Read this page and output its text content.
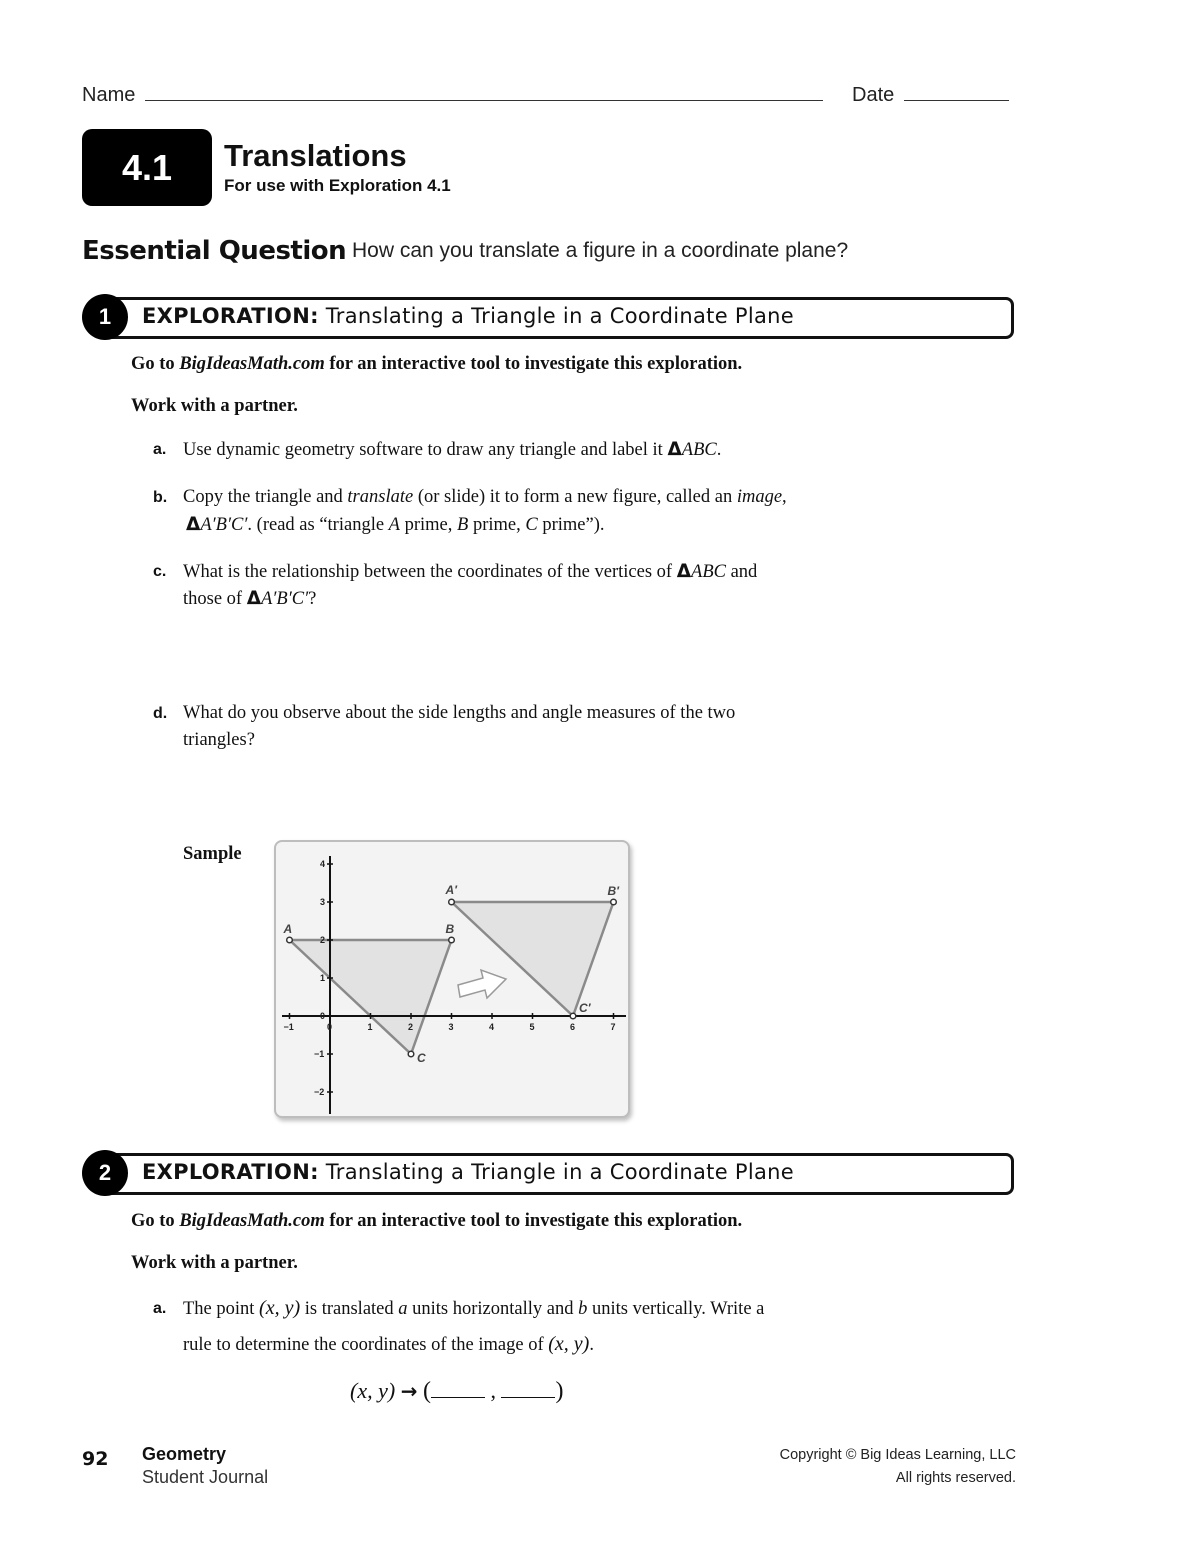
Name	Date
4.1 Translations
For use with Exploration 4.1
Essential Question How can you translate a figure in a coordinate plane?
1 EXPLORATION: Translating a Triangle in a Coordinate Plane
Go to BigIdeasMath.com for an interactive tool to investigate this exploration.
Work with a partner.
a. Use dynamic geometry software to draw any triangle and label it ΔABC.
b. Copy the triangle and translate (or slide) it to form a new figure, called an image,
ΔA′B′C′. (read as “triangle A prime, B prime, C prime”).
c. What is the relationship between the coordinates of the vertices of ΔABC and
those of ΔA′B′C′?
d. What do you observe about the side lengths and angle measures of the two
triangles?
Sample
−1	0	1	2	3	4	5	6	7
−2
−1
0
1
2
3
4
A	B
C
A′	B′
C′
2 EXPLORATION: Translating a Triangle in a Coordinate Plane
Go to BigIdeasMath.com for an interactive tool to investigate this exploration.
Work with a partner.
a. The point (x, y) is translated a units horizontally and b units vertically. Write a
rule to determine the coordinates of the image of (x, y).
(x, y) → (	, )
92 Geometry
Student Journal
Copyright © Big Ideas Learning, LLC
All rights reserved.
